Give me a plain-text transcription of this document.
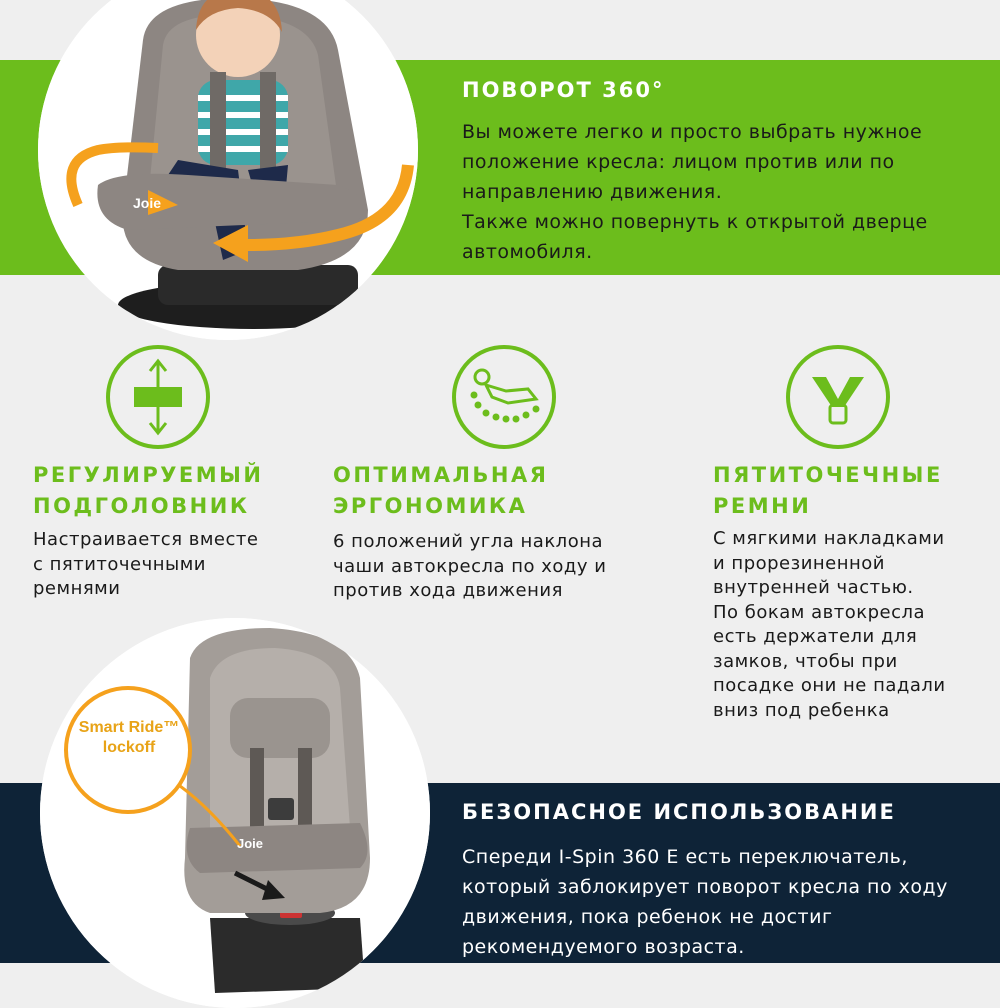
Joie
ПОВОРОТ 360°

Вы можете легко и просто выбрать нужное

положение кресла: лицом против или по

направлению движения.

Также можно повернуть к открытой дверце

автомобиля.

РЕГУЛИРУЕМЫЙ
ПОДГОЛОВНИК
Настраивается вместе
с пятиточечными
ремнями
ОПТИМАЛЬНАЯ
ЭРГОНОМИКА
6 положений угла наклона
чаши автокресла по ходу и
против хода движения
ПЯТИТОЧЕЧНЫЕ
РЕМНИ
С мягкими накладками
и прорезиненной
внутренней частью.
По бокам автокресла
есть держатели для
замков, чтобы при
посадке они не падали
вниз под ребенка
Smart Ride™
lockoff
Joie
БЕЗОПАСНОЕ ИСПОЛЬЗОВАНИЕ
Спереди I-Spin 360 E есть переключатель,
который заблокирует поворот кресла по ходу
движения, пока ребенок не достиг
рекомендуемого возраста.
